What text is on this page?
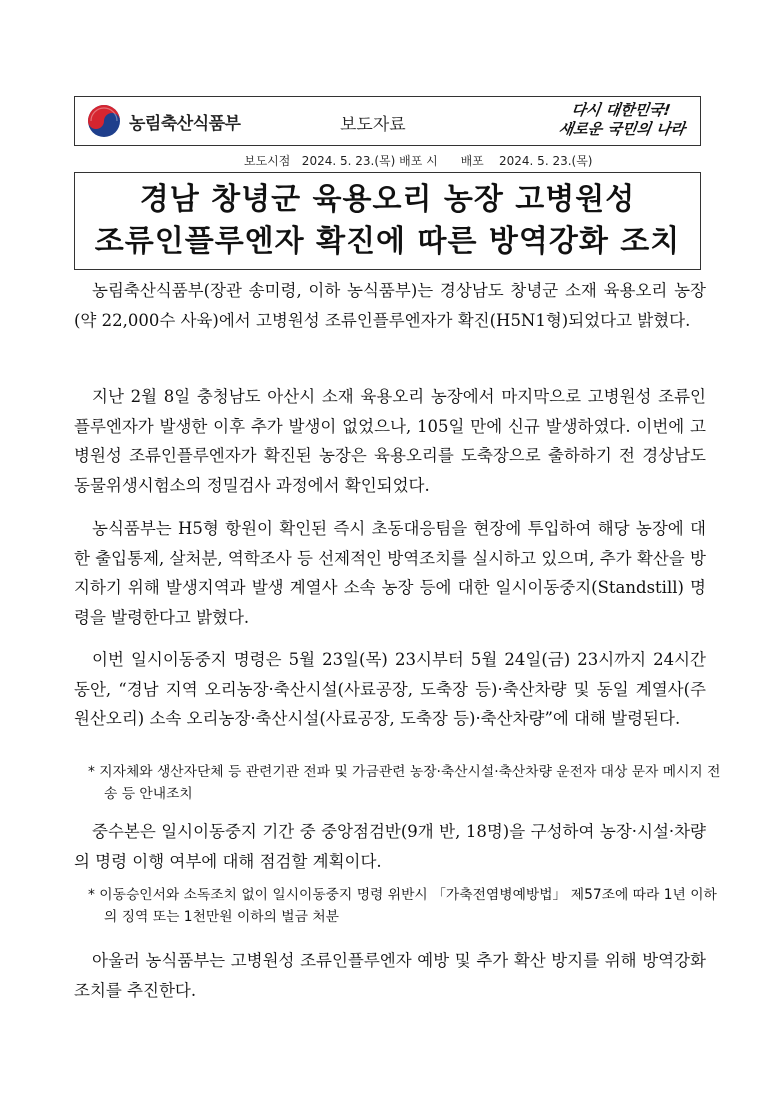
농림축산식품부	보도자료
다시 대한민국!
새로운 국민의 나라
보도시점   2024. 5. 23.(목) 배포 시      배포    2024. 5. 23.(목)
경남 창녕군 육용오리 농장 고병원성
조류인플루엔자 확진에 따른 방역강화 조치

농림축산식품부(장관 송미령, 이하 농식품부)는 경상남도 창녕군 소재 육용오리 농장(약 22,000수 사육)에서 고병원성 조류인플루엔자가 확진(H5N1형)되었다고 밝혔다.

지난 2월 8일 충청남도 아산시 소재 육용오리 농장에서 마지막으로 고병원성 조류인플루엔자가 발생한 이후 추가 발생이 없었으나, 105일 만에 신규 발생하였다. 이번에 고병원성 조류인플루엔자가 확진된 농장은 육용오리를 도축장으로 출하하기 전 경상남도 동물위생시험소의 정밀검사 과정에서 확인되었다.

농식품부는 H5형 항원이 확인된 즉시 초동대응팀을 현장에 투입하여 해당 농장에 대한 출입통제, 살처분, 역학조사 등 선제적인 방역조치를 실시하고 있으며, 추가 확산을 방지하기 위해 발생지역과 발생 계열사 소속 농장 등에 대한 일시이동중지(Standstill) 명령을 발령한다고 밝혔다.

이번 일시이동중지 명령은 5월 23일(목) 23시부터 5월 24일(금) 23시까지 24시간 동안, “경남 지역 오리농장·축산시설(사료공장, 도축장 등)·축산차량 및 동일 계열사(주원산오리) 소속 오리농장·축산시설(사료공장, 도축장 등)·축산차량”에 대해 발령된다.

* 지자체와 생산자단체 등 관련기관 전파 및 가금관련 농장·축산시설·축산차량 운전자 대상 문자 메시지 전송 등 안내조치

중수본은 일시이동중지 기간 중 중앙점검반(9개 반, 18명)을 구성하여 농장·시설·차량의 명령 이행 여부에 대해 점검할 계획이다.

* 이동승인서와 소독조치 없이 일시이동중지 명령 위반시 「가축전염병예방법」 제57조에 따라 1년 이하의 징역 또는 1천만원 이하의 벌금 처분

아울러 농식품부는 고병원성 조류인플루엔자 예방 및 추가 확산 방지를 위해 방역강화 조치를 추진한다.
